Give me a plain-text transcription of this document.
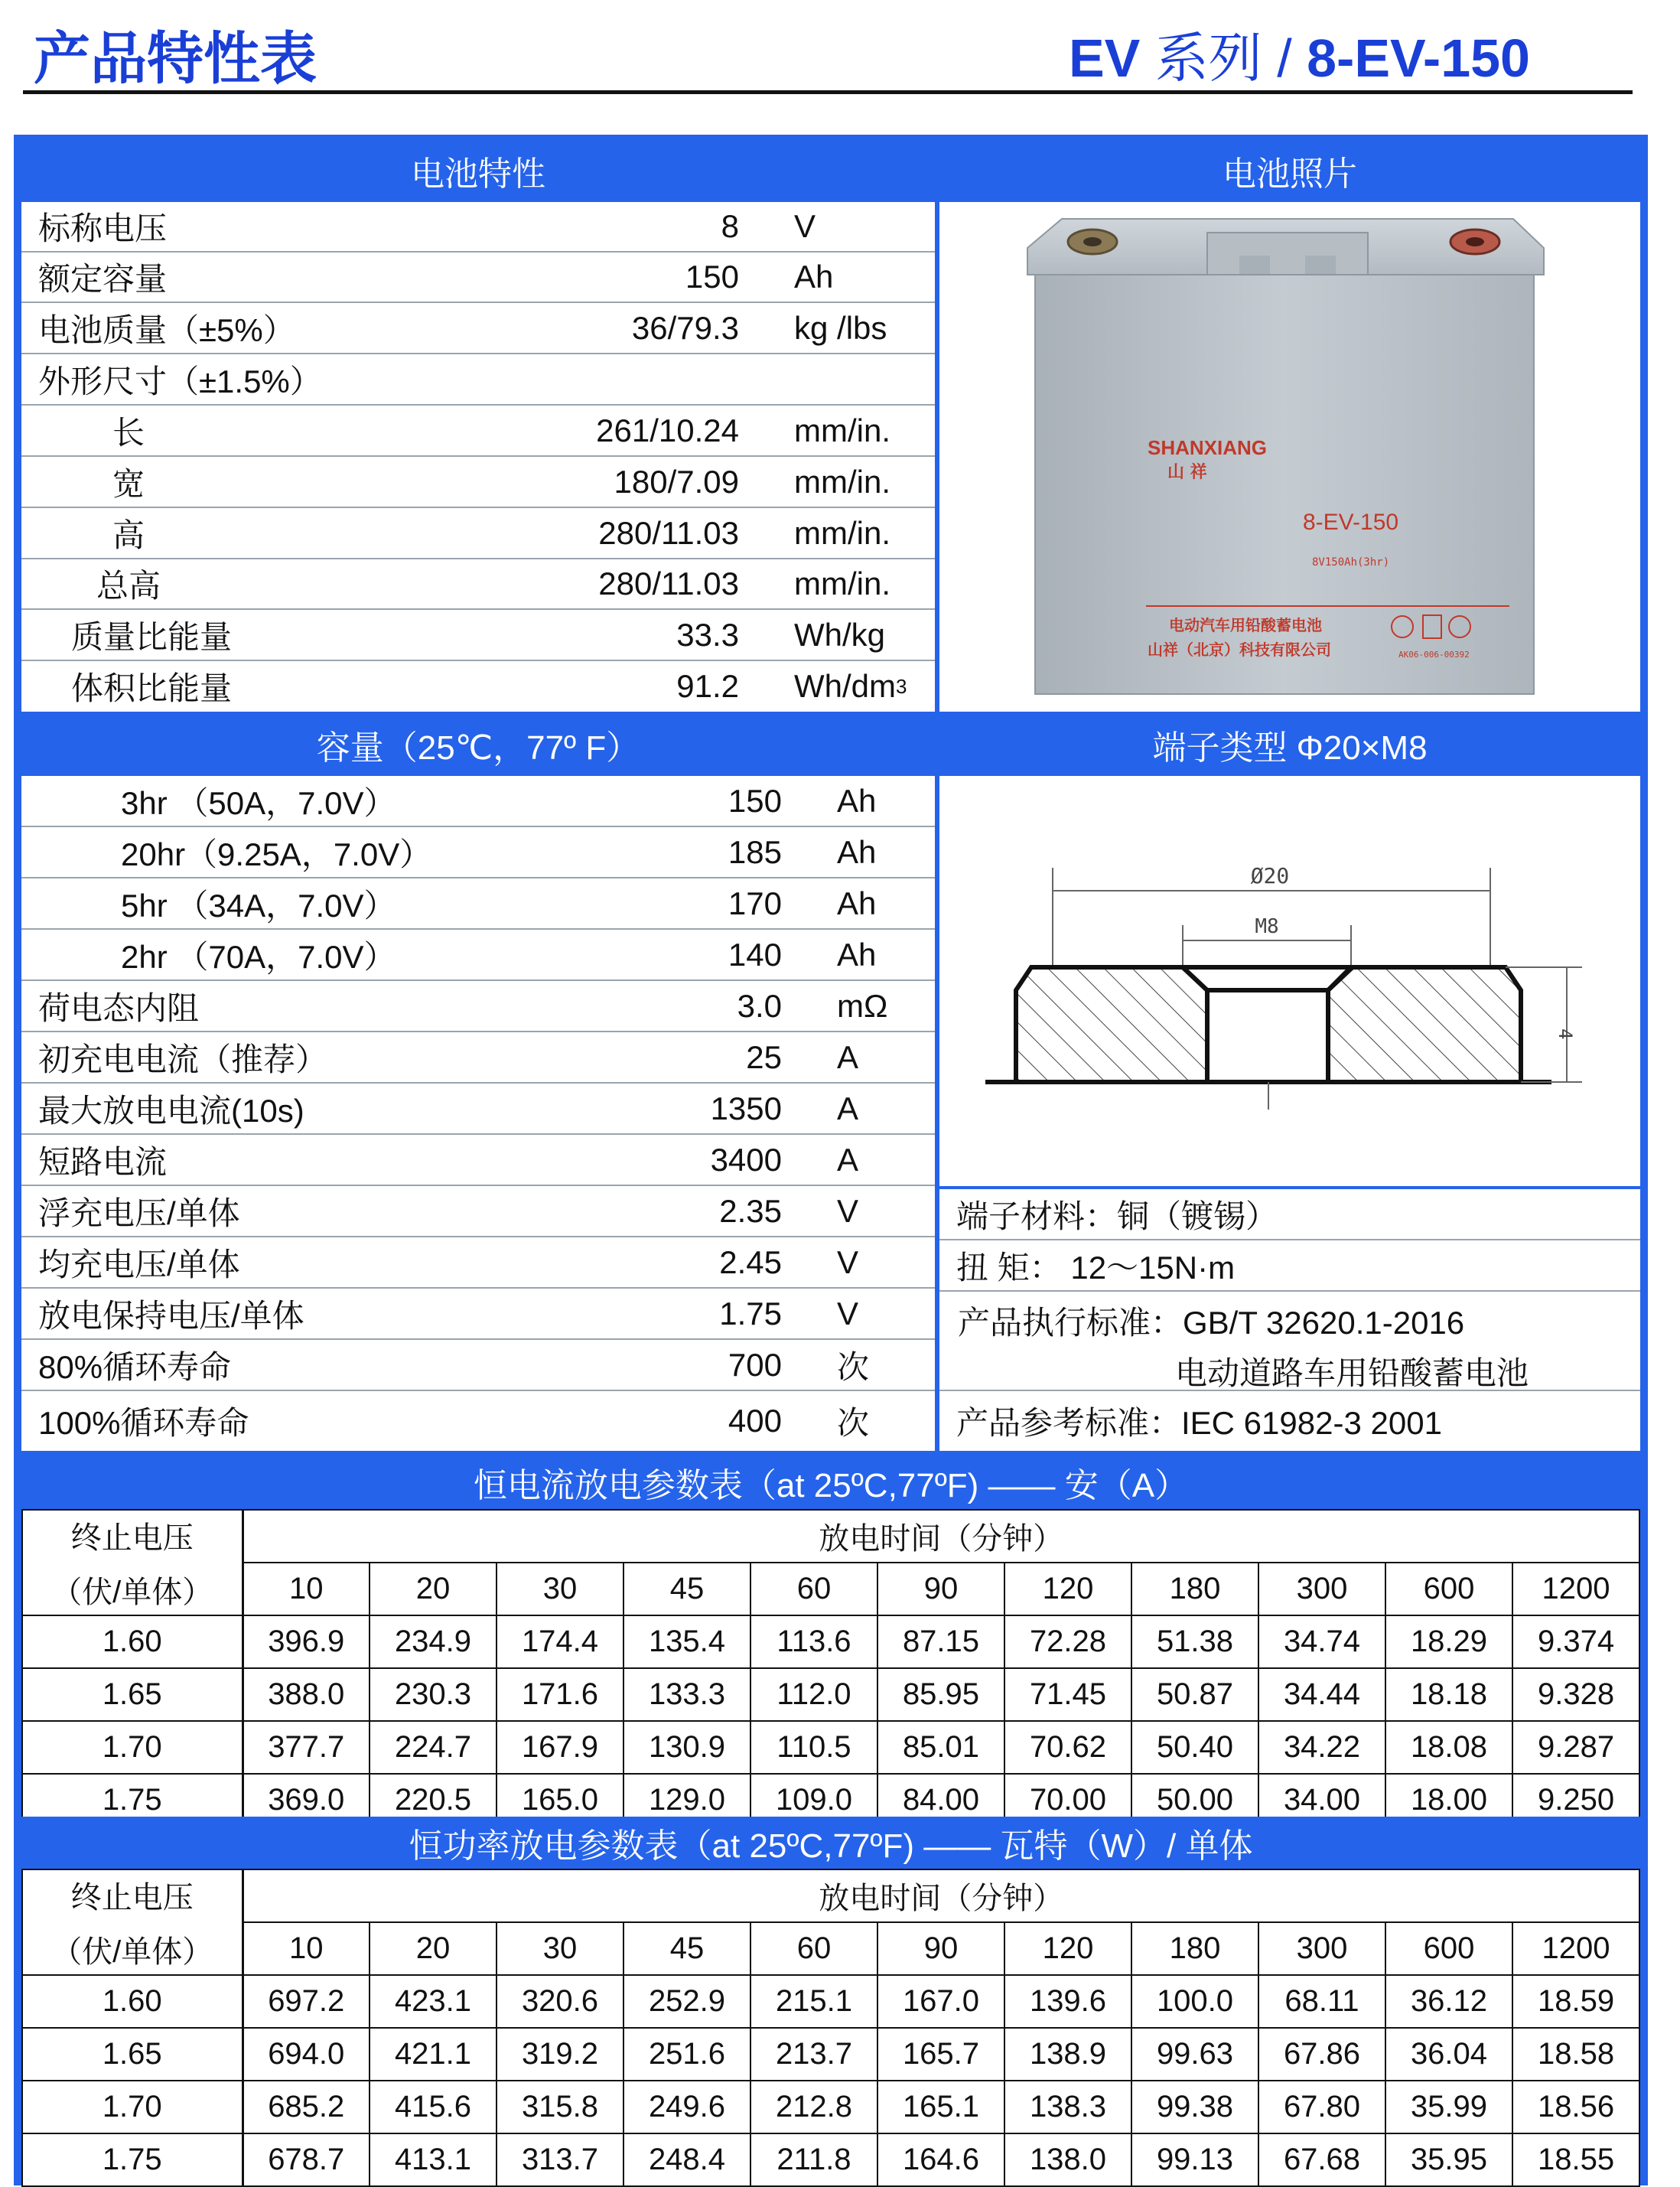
产品特性表	EV 系列 / 8-EV-150
电池特性
标称电压	8 V
额定容量	150 Ah
电池质量（±5%）	36/79.3 kg /lbs
外形尺寸（±1.5%）
长	261/10.24 mm/in.
宽	180/7.09 mm/in.
高	280/11.03 mm/in.
总高	280/11.03 mm/in.
质量比能量	33.3 Wh/kg
体积比能量	91.2 Wh/dm 3
电池照片
SHANXIANG
山 祥
8-EV-150
8V150Ah(3hr)
电动汽车用铅酸蓄电池
山祥（北京）科技有限公司	AK06-006-00392
容量（25℃，77º F）
3hr （50A，7.0V）	150 Ah
20hr（9.25A，7.0V）	185 Ah
5hr （34A，7.0V）	170 Ah
2hr （70A，7.0V）	140 Ah
荷电态内阻	3.0 mΩ
初充电电流（推荐）	25 A
最大放电电流(10s)	1350 A
短路电流	3400 A
浮充电压/单体	2.35 V
均充电压/单体	2.45 V
放电保持电压/单体	1.75 V
80%循环寿命	700 次
100%循环寿命	400 次
端子类型 Φ20×M8
Ø20
M8
4
端子材料：铜（镀锡）
扭 矩： 12～15N·m
产品执行标准：GB/T 32620.1-2016
电动道路车用铅酸蓄电池
产品参考标准：IEC 61982-3 2001
恒电流放电参数表（at 25ºC,77ºF) —— 安（A）
终止电压
（伏/单体）	放电时间（分钟）										
	10	20	30	45	60	90	120	180	300	600	1200
1.60	396.9	234.9	174.4	135.4	113.6	87.15	72.28	51.38	34.74	18.29	9.374
1.65	388.0	230.3	171.6	133.3	112.0	85.95	71.45	50.87	34.44	18.18	9.328
1.70	377.7	224.7	167.9	130.9	110.5	85.01	70.62	50.40	34.22	18.08	9.287
1.75	369.0	220.5	165.0	129.0	109.0	84.00	70.00	50.00	34.00	18.00	9.250
恒功率放电参数表（at 25ºC,77ºF) —— 瓦特（W）/ 单体
终止电压
（伏/单体）	放电时间（分钟）										
	10	20	30	45	60	90	120	180	300	600	1200
1.60	697.2	423.1	320.6	252.9	215.1	167.0	139.6	100.0	68.11	36.12	18.59
1.65	694.0	421.1	319.2	251.6	213.7	165.7	138.9	99.63	67.86	36.04	18.58
1.70	685.2	415.6	315.8	249.6	212.8	165.1	138.3	99.38	67.80	35.99	18.56
1.75	678.7	413.1	313.7	248.4	211.8	164.6	138.0	99.13	67.68	35.95	18.55
